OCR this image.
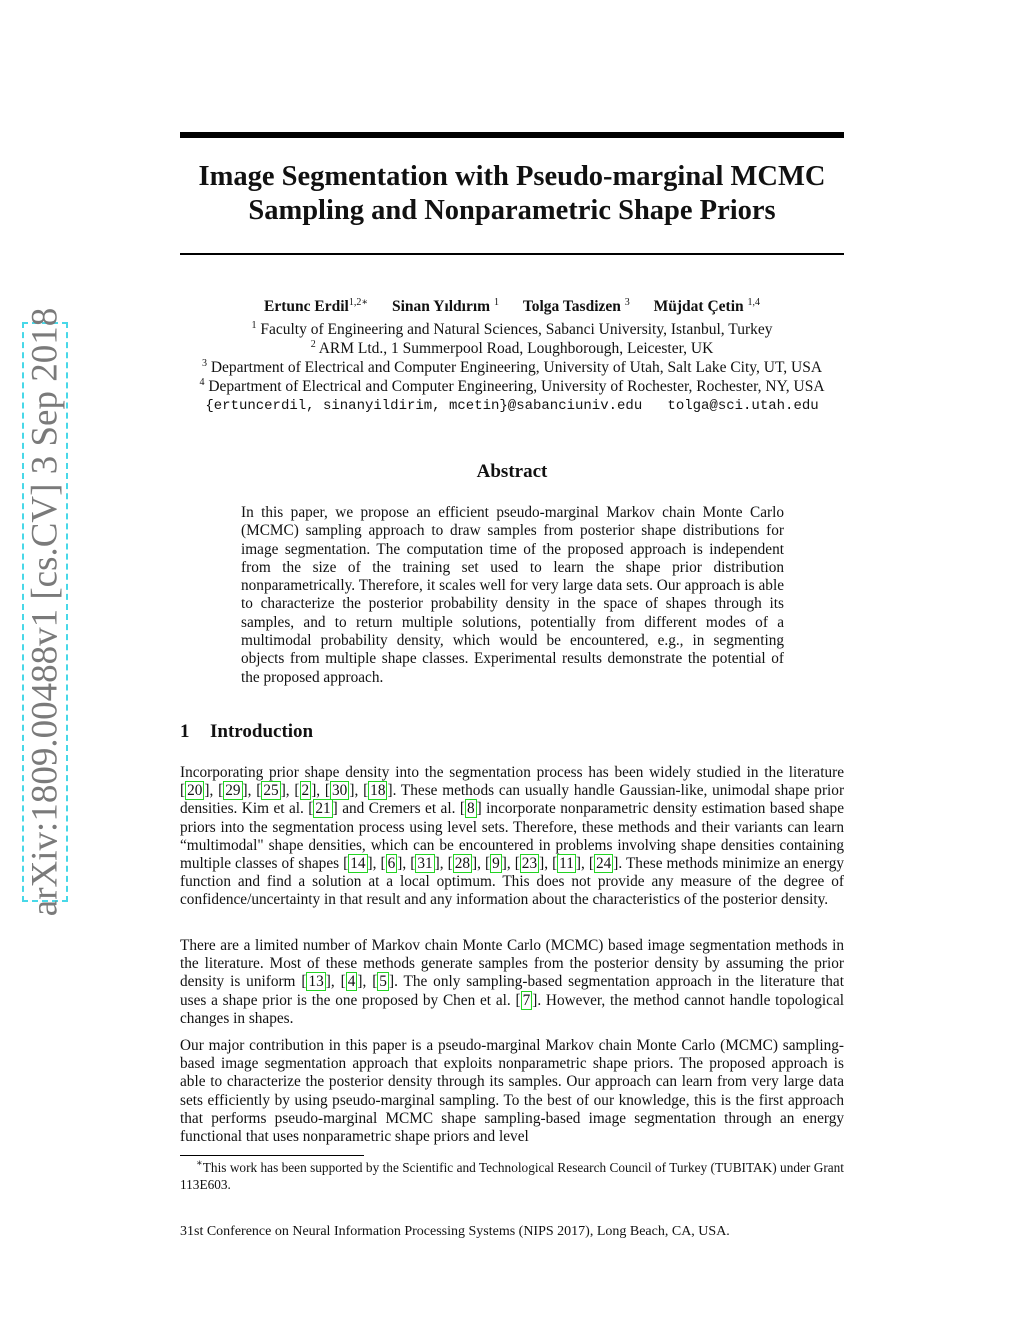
arXiv:1809.00488v1 [cs.CV] 3 Sep 2018
Image Segmentation with Pseudo-marginal MCMC
Sampling and Nonparametric Shape Priors
Ertunc Erdil$^{1,2∗}$ Sinan Yıldırım $^1$ Tolga Tasdizen $^3$ Müjdat Çetin $^{1,4}$
$^1$ Faculty of Engineering and Natural Sciences, Sabanci University, Istanbul, Turkey
$^2$ ARM Ltd., 1 Summerpool Road, Loughborough, Leicester, UK
$^3$ Department of Electrical and Computer Engineering, University of Utah, Salt Lake City, UT, USA
$^4$ Department of Electrical and Computer Engineering, University of Rochester, Rochester, NY, USA
{ertuncerdil, sinanyildirim, mcetin}@sabanciuniv.edu   tolga@sci.utah.edu
Abstract
In this paper, we propose an efficient pseudo-marginal Markov chain Monte Carlo (MCMC) sampling approach to draw samples from posterior shape distributions for image segmentation. The computation time of the proposed approach is independent from the size of the training set used to learn the shape prior distribution nonparametrically. Therefore, it scales well for very large data sets. Our approach is able to characterize the posterior probability density in the space of shapes through its samples, and to return multiple solutions, potentially from different modes of a multimodal probability density, which would be encountered, e.g., in segmenting objects from multiple shape classes. Experimental results demonstrate the potential of the proposed approach.
1 Introduction

Incorporating prior shape density into the segmentation process has been widely studied in the literature [ 20 ], [ 29 ], [ 25 ], [ 2 ], [ 30 ], [ 18 ]. These methods can usually handle Gaussian-like, unimodal shape prior densities. Kim et al. [ 21 ] and Cremers et al. [ 8 ] incorporate nonparametric density estimation based shape priors into the segmentation process using level sets. Therefore, these methods and their variants can learn “multimodal" shape densities, which can be encountered in problems involving shape densities containing multiple classes of shapes [ 14 ], [ 6 ], [ 31 ], [ 28 ], [ 9 ], [ 23 ], [ 11 ], [ 24 ]. These methods minimize an energy function and find a solution at a local optimum. This does not provide any measure of the degree of confidence/uncertainty in that result and any information about the characteristics of the posterior density.

There are a limited number of Markov chain Monte Carlo (MCMC) based image segmentation methods in the literature. Most of these methods generate samples from the posterior density by assuming the prior density is uniform [ 13 ], [ 4 ], [ 5 ]. The only sampling-based segmentation approach in the literature that uses a shape prior is the one proposed by Chen et al. [ 7 ]. However, the method cannot handle topological changes in shapes.

Our major contribution in this paper is a pseudo-marginal Markov chain Monte Carlo (MCMC) sampling-based image segmentation approach that exploits nonparametric shape priors. The proposed approach is able to characterize the posterior density through its samples. Our approach can learn from very large data sets efficiently by using pseudo-marginal sampling. To the best of our knowledge, this is the first approach that performs pseudo-marginal MCMC shape sampling-based image segmentation through an energy functional that uses nonparametric shape priors and level

∗This work has been supported by the Scientific and Technological Research Council of Turkey (TUBITAK) under Grant 113E603.
31st Conference on Neural Information Processing Systems (NIPS 2017), Long Beach, CA, USA.
